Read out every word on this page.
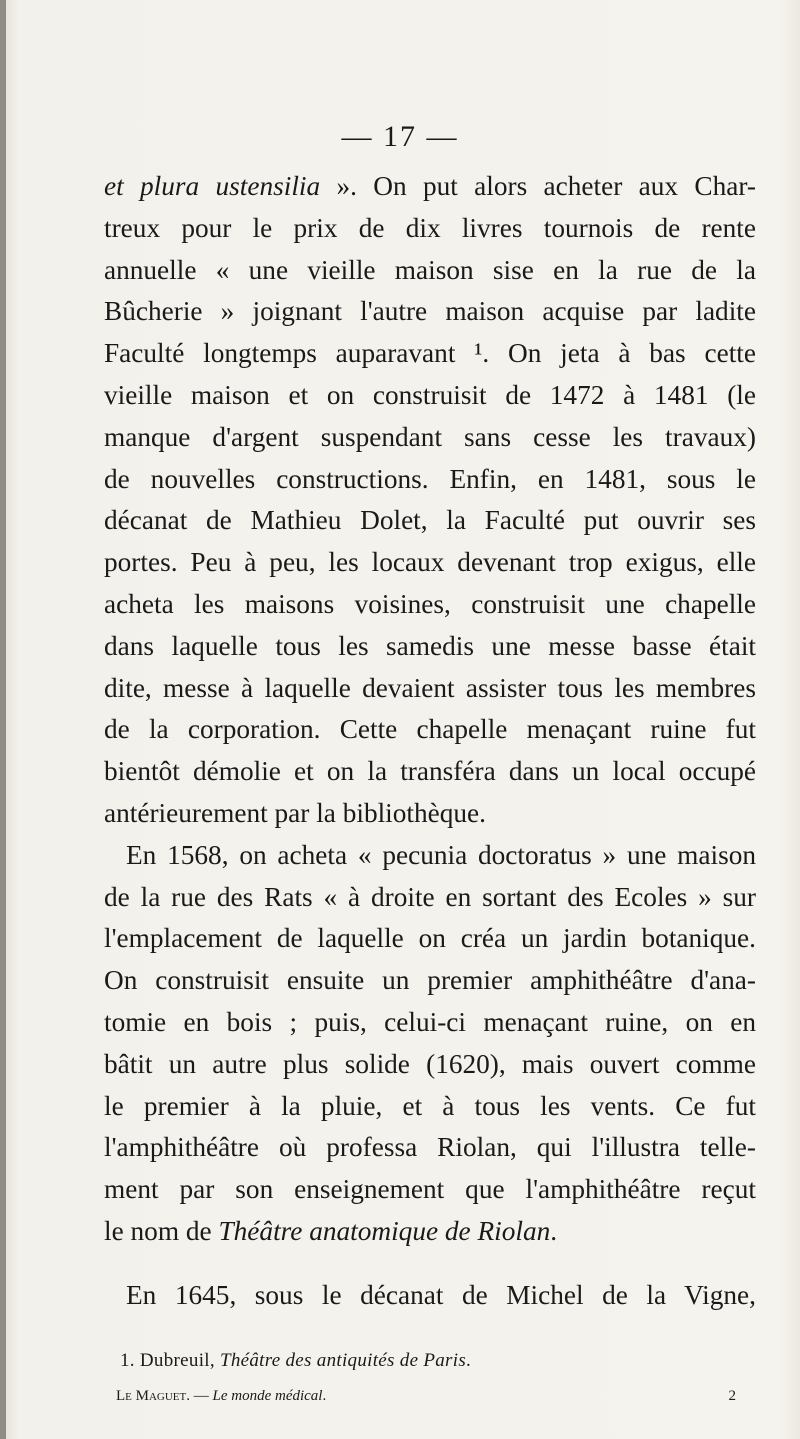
— 17 —
et plura ustensilia ». On put alors acheter aux Char-
treux pour le prix de dix livres tournois de rente
annuelle « une vieille maison sise en la rue de la
Bûcherie » joignant l'autre maison acquise par ladite
Faculté longtemps auparavant ¹. On jeta à bas cette
vieille maison et on construisit de 1472 à 1481 (le
manque d'argent suspendant sans cesse les travaux)
de nouvelles constructions. Enfin, en 1481, sous le
décanat de Mathieu Dolet, la Faculté put ouvrir ses
portes. Peu à peu, les locaux devenant trop exigus, elle
acheta les maisons voisines, construisit une chapelle
dans laquelle tous les samedis une messe basse était
dite, messe à laquelle devaient assister tous les membres
de la corporation. Cette chapelle menaçant ruine fut
bientôt démolie et on la transféra dans un local occupé
antérieurement par la bibliothèque.
En 1568, on acheta « pecunia doctoratus » une maison
de la rue des Rats « à droite en sortant des Ecoles » sur
l'emplacement de laquelle on créa un jardin botanique.
On construisit ensuite un premier amphithéâtre d'ana-
tomie en bois ; puis, celui-ci menaçant ruine, on en
bâtit un autre plus solide (1620), mais ouvert comme
le premier à la pluie, et à tous les vents. Ce fut
l'amphithéâtre où professa Riolan, qui l'illustra telle-
ment par son enseignement que l'amphithéâtre reçut
le nom de Théâtre anatomique de Riolan.
En 1645, sous le décanat de Michel de la Vigne,
1. Dubreuil, Théâtre des antiquités de Paris.
Le Maguet. — Le monde médical.	2
